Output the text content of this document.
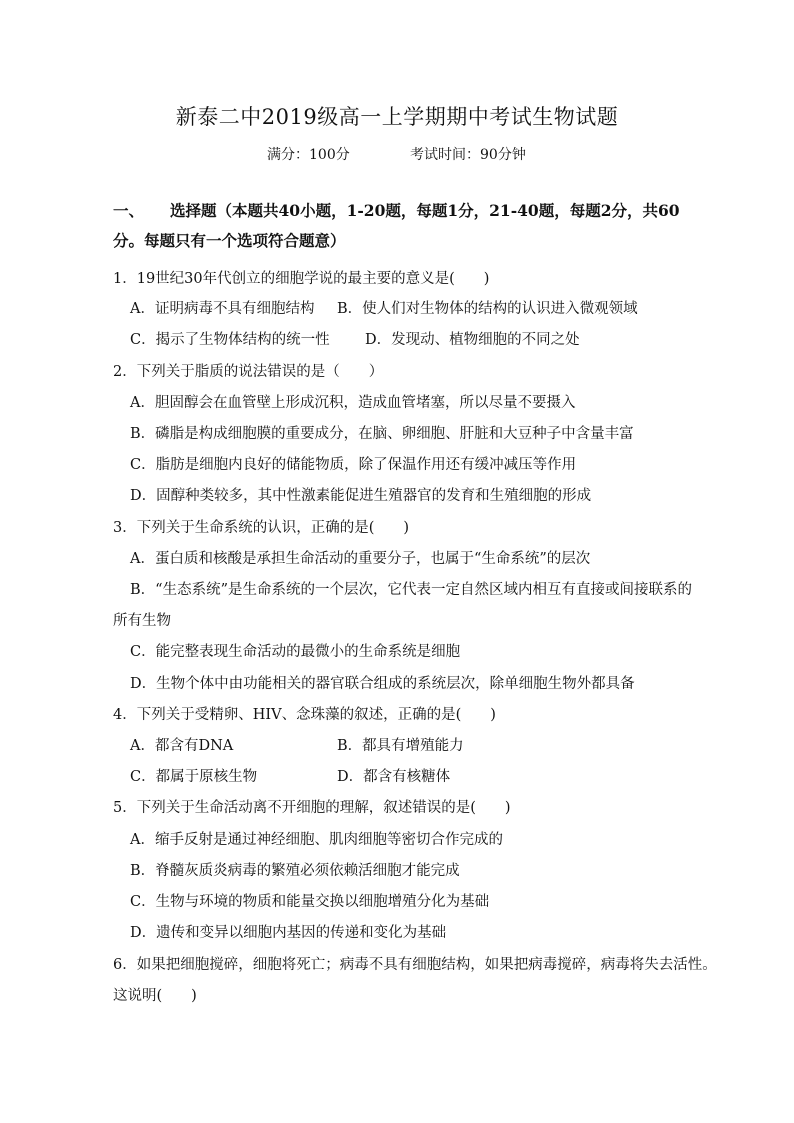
新泰二中2019级高一上学期期中考试生物试题
满分：100分	考试时间：90分钟
一、 选择题（本题共40小题，1-20题，每题1分，21-40题，每题2分，共60
分。每题只有一个选项符合题意）
1．19世纪30年代创立的细胞学说的最主要的意义是(　　)
A．证明病毒不具有细胞结构 B．使人们对生物体的结构的认识进入微观领域
C．揭示了生物体结构的统一性 D．发现动、植物细胞的不同之处
2．下列关于脂质的说法错误的是（　　）
A．胆固醇会在血管壁上形成沉积，造成血管堵塞，所以尽量不要摄入
B．磷脂是构成细胞膜的重要成分，在脑、卵细胞、肝脏和大豆种子中含量丰富
C．脂肪是细胞内良好的储能物质，除了保温作用还有缓冲减压等作用
D．固醇种类较多，其中性激素能促进生殖器官的发育和生殖细胞的形成
3．下列关于生命系统的认识，正确的是(　　)
A．蛋白质和核酸是承担生命活动的重要分子，也属于“生命系统”的层次
B．“生态系统”是生命系统的一个层次，它代表一定自然区域内相互有直接或间接联系的
所有生物
C．能完整表现生命活动的最微小的生命系统是细胞
D．生物个体中由功能相关的器官联合组成的系统层次，除单细胞生物外都具备
4．下列关于受精卵、HIV、念珠藻的叙述，正确的是(　　)
A．都含有DNA	B．都具有增殖能力
C．都属于原核生物	D．都含有核糖体
5．下列关于生命活动离不开细胞的理解，叙述错误的是(　　)
A．缩手反射是通过神经细胞、肌肉细胞等密切合作完成的
B．脊髓灰质炎病毒的繁殖必须依赖活细胞才能完成
C．生物与环境的物质和能量交换以细胞增殖分化为基础
D．遗传和变异以细胞内基因的传递和变化为基础
6．如果把细胞搅碎，细胞将死亡；病毒不具有细胞结构，如果把病毒搅碎，病毒将失去活性。
这说明(　　)
